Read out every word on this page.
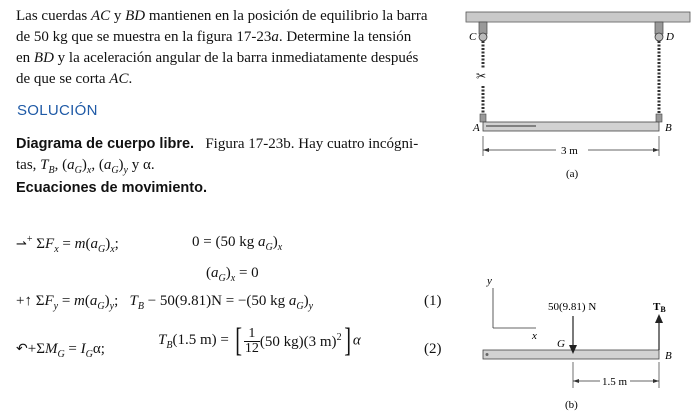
Las cuerdas AC y BD mantienen en la posición de equilibrio la barra
de 50 kg que se muestra en la figura 17-23a. Determine la tensión
en BD y la aceleración angular de la barra inmediatamente después
de que se corta AC.
SOLUCIÓN
Diagrama de cuerpo libre. Figura 17-23b. Hay cuatro incógni-
tas, $T_B$, $(a_G)_x$, $(a_G)_y$ y α.
Ecuaciones de movimiento.
⇀+ $\Sigma F_x = m(a_G)_x$;	0 = (50 kg $a_G)_x$
$(a_G)_x = 0$
+↑ $\Sigma F_y = m(a_G)_y$;   $T_B - 50(9.81)N = -(50$ kg $a_G)_y$	(1)
$↶+\Sigma M_G = I_G\alpha$;
$T_B(1.5$ m) = [ $\frac{1}{12} (50$ kg)(3 m)$^2$] α
(2)
✂
3 m
C	D
A	B
(a)
y
x
50(9.81) N	TB
G
B
1.5 m
(b)
